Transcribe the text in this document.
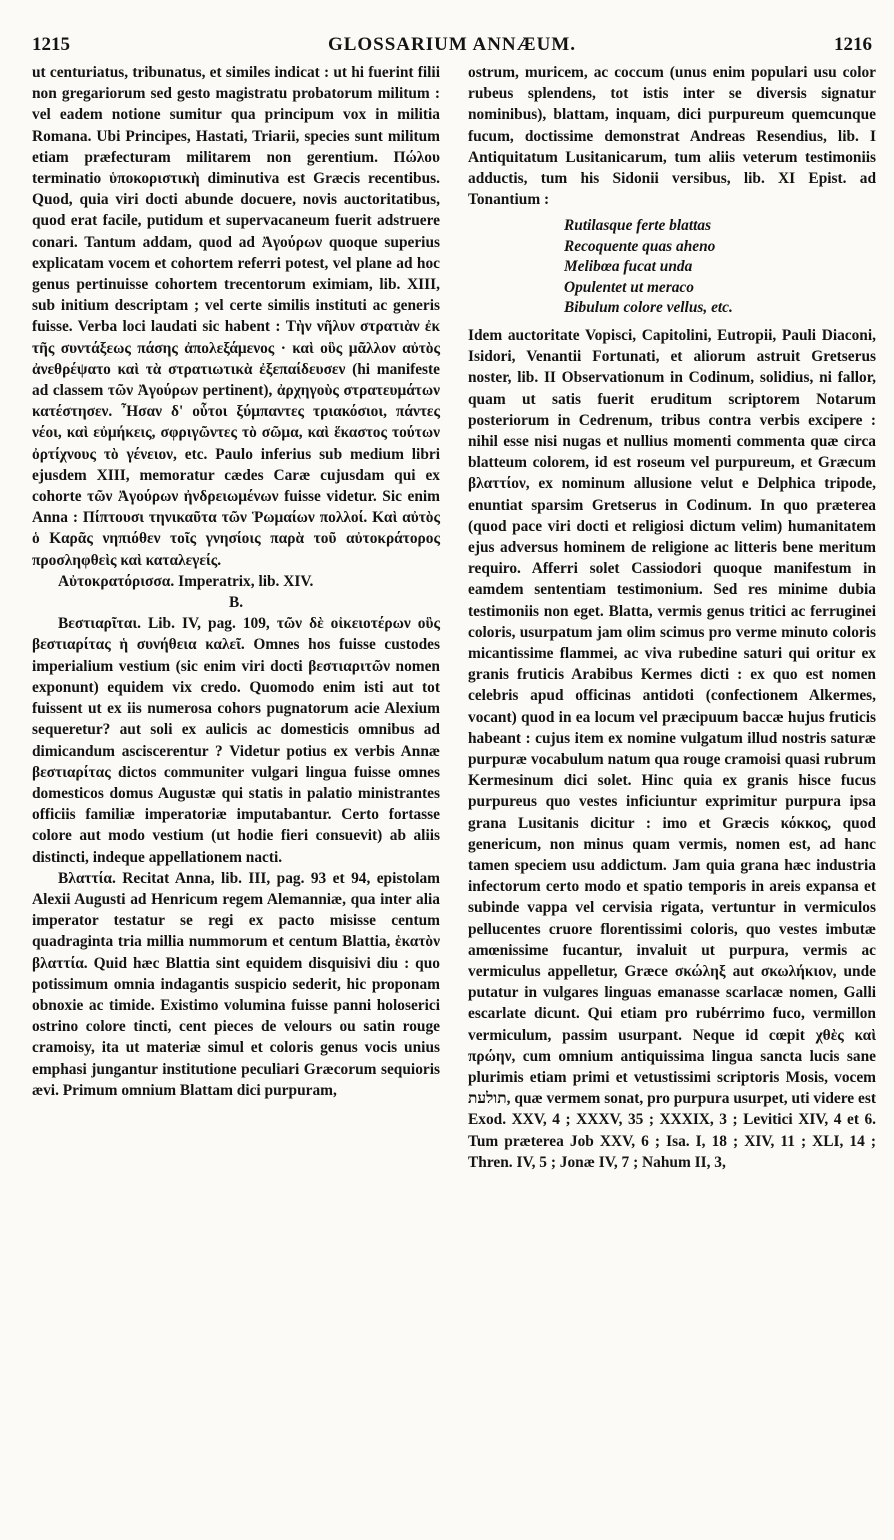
1215	GLOSSARIUM ANNÆUM.	1216

ut centuriatus, tribunatus, et similes indicat : ut hi fuerint filii non gregariorum sed gesto magistratu probatorum militum : vel eadem notione sumitur qua principum vox in militia Romana. Ubi Principes, Hastati, Triarii, species sunt militum etiam præfecturam militarem non gerentium. Πώλου terminatio ὑποκοριστικὴ diminutiva est Græcis recentibus. Quod, quia viri docti abunde docuere, novis auctoritatibus, quod erat facile, putidum et supervacaneum fuerit adstruere conari. Tantum addam, quod ad Ἀγούρων quoque superius explicatam vocem et cohortem referri potest, vel plane ad hoc genus pertinuisse cohortem trecentorum eximiam, lib. XIII, sub initium descriptam ; vel certe similis instituti ac generis fuisse. Verba loci laudati sic habent : Τὴν νῆλυν στρατιὰν ἐκ τῆς συντάξεως πάσης ἀπολεξάμενος · καὶ οὓς μᾶλλον αὐτὸς ἀνεθρέψατο καὶ τὰ στρατιωτικὰ ἐξεπαίδευσεν (hi manifeste ad classem τῶν Ἀγούρων pertinent), ἀρχηγοὺς στρατευμάτων κατέστησεν. Ἦσαν δ' οὗτοι ξύμπαντες τριακόσιοι, πάντες νέοι, καὶ εὐμήκεις, σφριγῶντες τὸ σῶμα, καὶ ἕκαστος τούτων ὀρτίχνους τὸ γένειον, etc. Paulo inferius sub medium libri ejusdem XIII, memoratur cædes Caræ cujusdam qui ex cohorte τῶν Ἀγούρων ἠνδρειωμένων fuisse videtur. Sic enim Anna : Πίπτουσι τηνικαῦτα τῶν Ῥωμαίων πολλοί. Καὶ αὐτὸς ὁ Καρᾶς νηπιόθεν τοῖς γνησίοις παρὰ τοῦ αὐτοκράτορος προσληφθεὶς καὶ καταλεγείς.

Αὐτοκρατόρισσα. Imperatrix, lib. XIV.

B.

Βεστιαρῖται. Lib. IV, pag. 109, τῶν δὲ οἰκειοτέρων οὓς βεστιαρίτας ἡ συνήθεια καλεῖ. Omnes hos fuisse custodes imperialium vestium (sic enim viri docti βεστιαριτῶν nomen exponunt) equidem vix credo. Quomodo enim isti aut tot fuissent ut ex iis numerosa cohors pugnatorum acie Alexium sequeretur? aut soli ex aulicis ac domesticis omnibus ad dimicandum asciscerentur ? Videtur potius ex verbis Annæ βεστιαρίτας dictos communiter vulgari lingua fuisse omnes domesticos domus Augustæ qui statis in palatio ministrantes officiis familiæ imperatoriæ imputabantur. Certo fortasse colore aut modo vestium (ut hodie fieri consuevit) ab aliis distincti, indeque appellationem nacti.

Βλαττία. Recitat Anna, lib. III, pag. 93 et 94, epistolam Alexii Augusti ad Henricum regem Alemanniæ, qua inter alia imperator testatur se regi ex pacto misisse centum quadraginta tria millia nummorum et centum Blattia, ἑκατὸν βλαττία. Quid hæc Blattia sint equidem disquisivi diu : quo potissimum omnia indagantis suspicio sederit, hic proponam obnoxie ac timide. Existimo volumina fuisse panni holoserici ostrino colore tincti, cent pieces de velours ou satin rouge cramoisy, ita ut materiæ simul et coloris genus vocis unius emphasi jungantur institutione peculiari Græcorum sequioris ævi. Primum omnium Blattam dici purpuram,

ostrum, muricem, ac coccum (unus enim populari usu color rubeus splendens, tot istis inter se diversis signatur nominibus), blattam, inquam, dici purpureum quemcunque fucum, doctissime demonstrat Andreas Resendius, lib. I Antiquitatum Lusitanicarum, tum aliis veterum testimoniis adductis, tum his Sidonii versibus, lib. XI Epist. ad Tonantium :

Rutilasque ferte blattas
Recoquente quas aheno
Melibœa fucat unda
Opulentet ut meraco
Bibulum colore vellus, etc.

Idem auctoritate Vopisci, Capitolini, Eutropii, Pauli Diaconi, Isidori, Venantii Fortunati, et aliorum astruit Gretserus noster, lib. II Observationum in Codinum, solidius, ni fallor, quam ut satis fuerit eruditum scriptorem Notarum posteriorum in Cedrenum, tribus contra verbis excipere : nihil esse nisi nugas et nullius momenti commenta quæ circa blatteum colorem, id est roseum vel purpureum, et Græcum βλαττίον, ex nominum allusione velut e Delphica tripode, enuntiat sparsim Gretserus in Codinum. In quo præterea (quod pace viri docti et religiosi dictum velim) humanitatem ejus adversus hominem de religione ac litteris bene meritum requiro. Afferri solet Cassiodori quoque manifestum in eamdem sententiam testimonium. Sed res minime dubia testimoniis non eget. Blatta, vermis genus tritici ac ferruginei coloris, usurpatum jam olim scimus pro verme minuto coloris micantissime flammei, ac viva rubedine saturi qui oritur ex granis fruticis Arabibus Kermes dicti : ex quo est nomen celebris apud officinas antidoti (confectionem Alkermes, vocant) quod in ea locum vel præcipuum baccæ hujus fruticis habeant : cujus item ex nomine vulgatum illud nostris saturæ purpuræ vocabulum natum qua rouge cramoisi quasi rubrum Kermesinum dici solet. Hinc quia ex granis hisce fucus purpureus quo vestes inficiuntur exprimitur purpura ipsa grana Lusitanis dicitur : imo et Græcis κόκκος, quod genericum, non minus quam vermis, nomen est, ad hanc tamen speciem usu addictum. Jam quia grana hæc industria infectorum certo modo et spatio temporis in areis expansa et subinde vappa vel cervisia rigata, vertuntur in vermiculos pellucentes cruore florentissimi coloris, quo vestes imbutæ amœnissime fucantur, invaluit ut purpura, vermis ac vermiculus appelletur, Græce σκώληξ aut σκωλήκιον, unde putatur in vulgares linguas emanasse scarlacæ nomen, Galli escarlate dicunt. Qui etiam pro rubérrimo fuco, vermillon vermiculum, passim usurpant. Neque id cœpit χθὲς καὶ πρώην, cum omnium antiquissima lingua sancta lucis sane plurimis etiam primi et vetustissimi scriptoris Mosis, vocem תולעת, quæ vermem sonat, pro purpura usurpet, uti videre est Exod. XXV, 4 ; XXXV, 35 ; XXXIX, 3 ; Levitici XIV, 4 et 6. Tum præterea Job XXV, 6 ; Isa. I, 18 ; XIV, 11 ; XLI, 14 ; Thren. IV, 5 ; Jonæ IV, 7 ; Nahum II, 3,
